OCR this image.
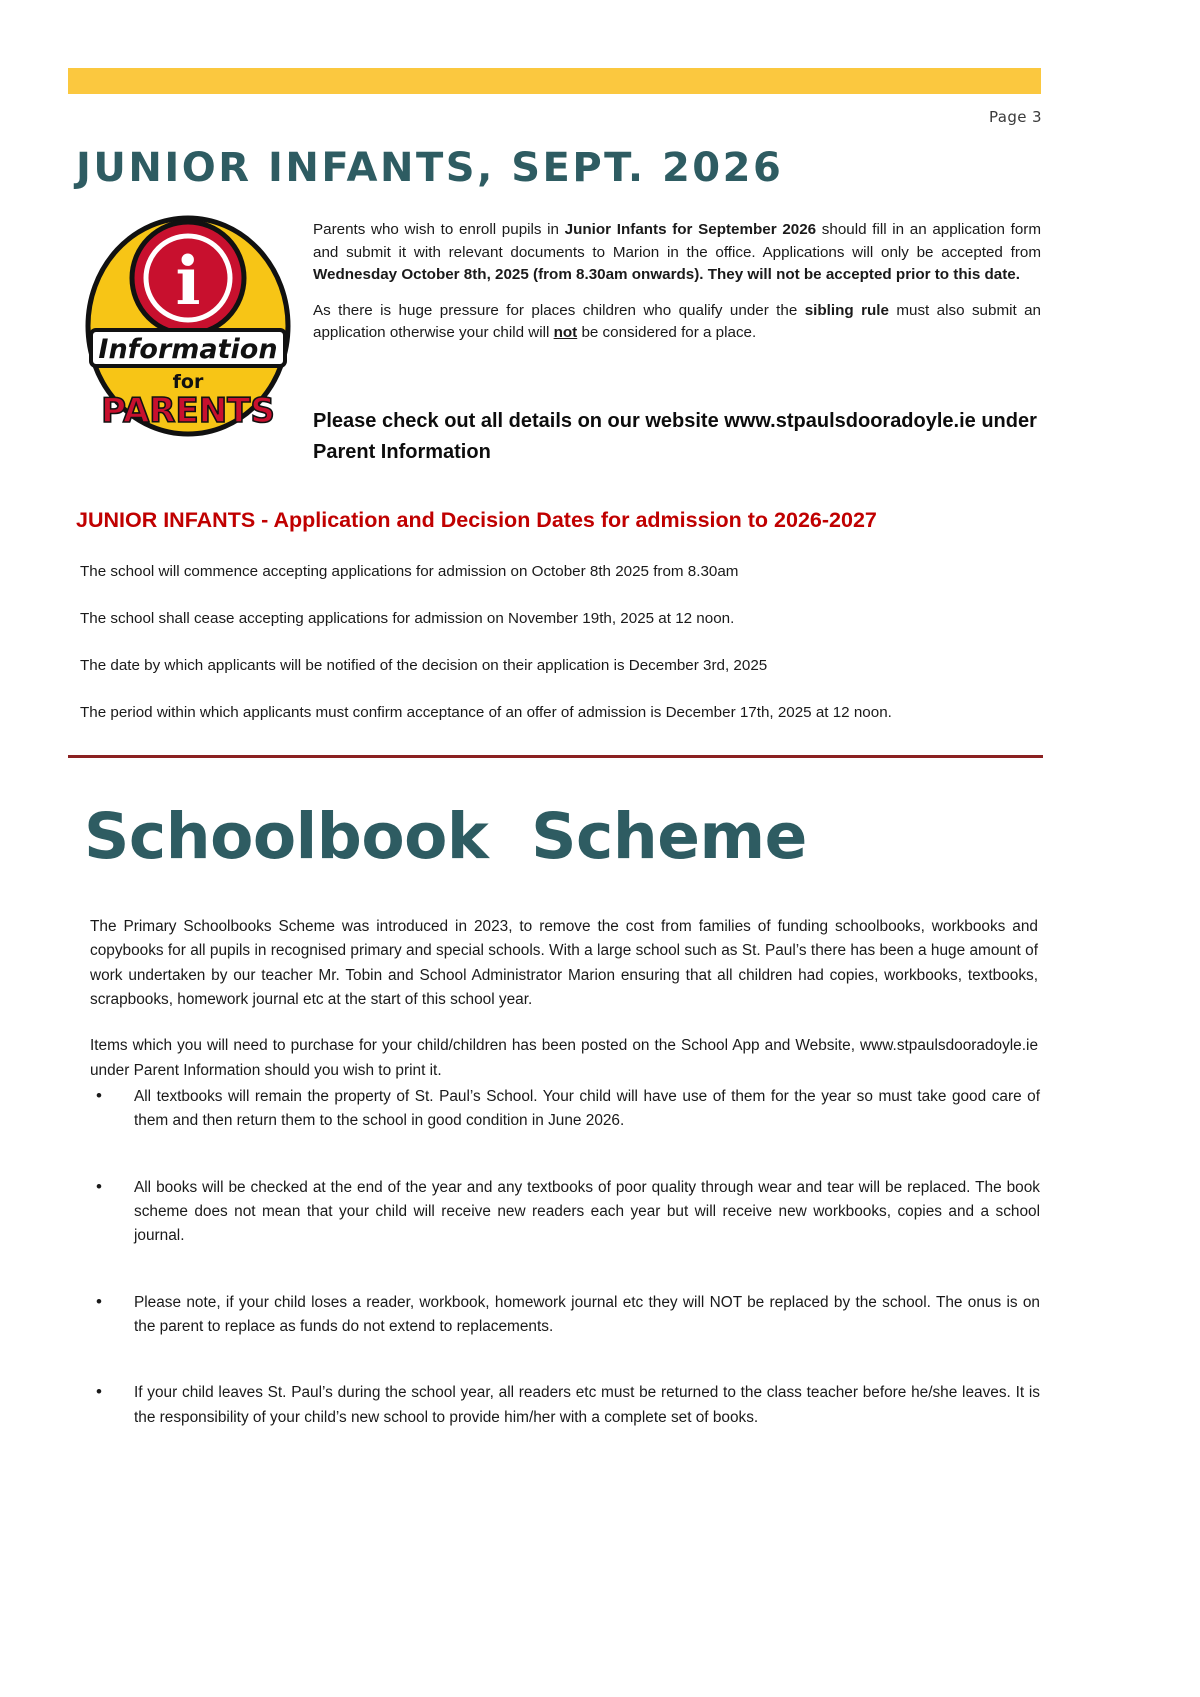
Page 3
JUNIOR INFANTS, SEPT. 2026
i
Information
for
PARENTS

Parents who wish to enroll pupils in Junior Infants for September 2026 should fill in an application form and submit it with relevant documents to Marion in the office. Applications will only be accepted from Wednesday October 8th, 2025 (from 8.30am onwards). They will not be accepted prior to this date.

As there is huge pressure for places children who qualify under the sibling rule must also submit an application otherwise your child will not be considered for a place.

Please check out all details on our website www.stpaulsdooradoyle.ie under Parent Information
JUNIOR INFANTS - Application and Decision Dates for admission to 2026-2027

The school will commence accepting applications for admission on October 8th 2025 from 8.30am

The school shall cease accepting applications for admission on November 19th, 2025 at 12 noon.

The date by which applicants will be notified of the decision on their application is December 3rd, 2025

The period within which applicants must confirm acceptance of an offer of admission is December 17th, 2025 at 12 noon.

Schoolbook  Scheme

The Primary Schoolbooks Scheme was introduced in 2023, to remove the cost from families of funding schoolbooks, workbooks and copybooks for all pupils in recognised primary and special schools. With a large school such as St. Paul’s there has been a huge amount of work undertaken by our teacher Mr. Tobin and School Administrator Marion ensuring that all children had copies, workbooks, textbooks, scrapbooks, homework journal etc at the start of this school year.

Items which you will need to purchase for your child/children has been posted on the School App and Website, www.stpaulsdooradoyle.ie under Parent Information should you wish to print it.

• All textbooks will remain the property of St. Paul’s School. Your child will have use of them for the year so must take good care of them and then return them to the school in good condition in June 2026.
• All books will be checked at the end of the year and any textbooks of poor quality through wear and tear will be replaced. The book scheme does not mean that your child will receive new readers each year but will receive new workbooks, copies and a school journal.
• Please note, if your child loses a reader, workbook, homework journal etc they will NOT be replaced by the school. The onus is on the parent to replace as funds do not extend to replacements.
• If your child leaves St. Paul’s during the school year, all readers etc must be returned to the class teacher before he/she leaves. It is the responsibility of your child’s new school to provide him/her with a complete set of books.
